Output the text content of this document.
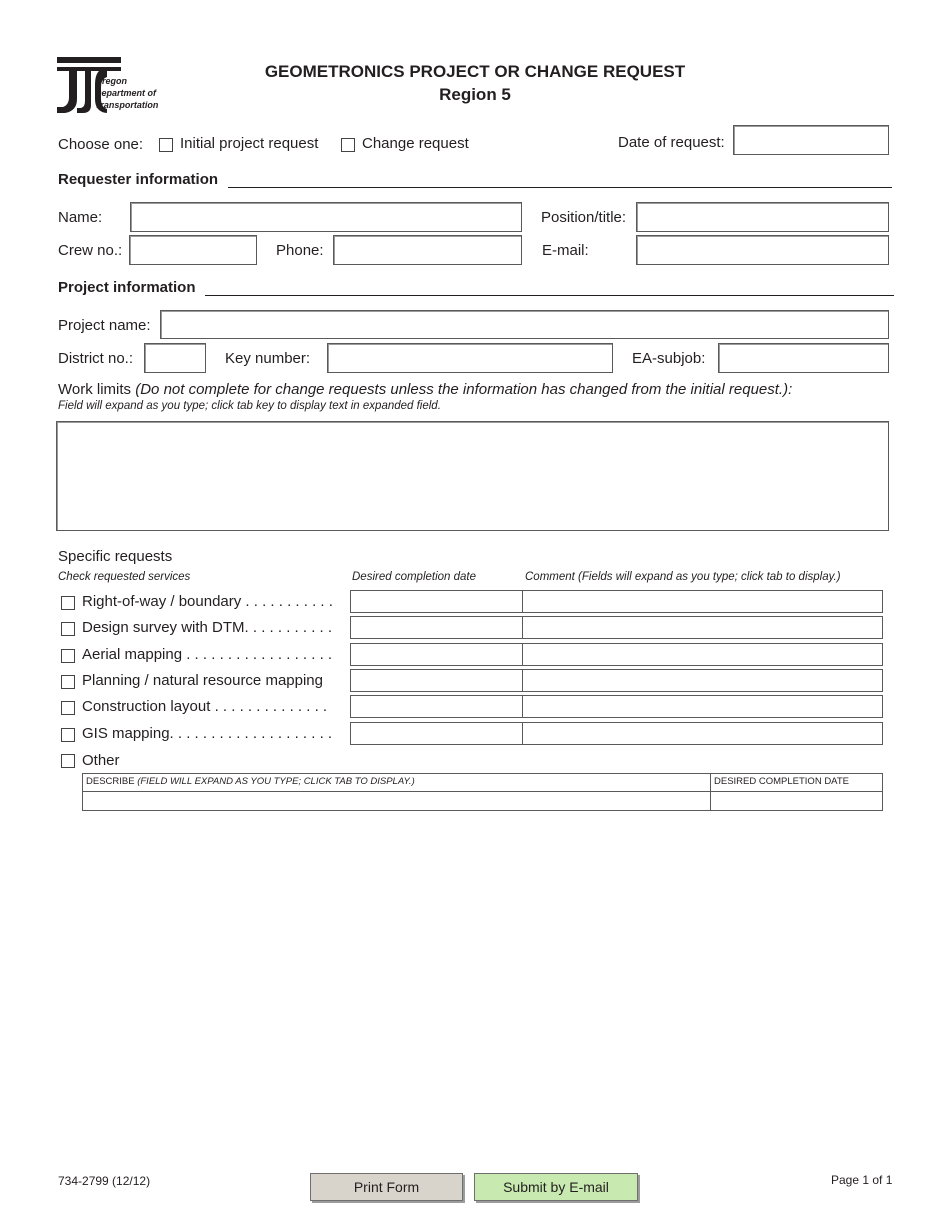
Oregon
Department of
Transportation
GEOMETRONICS PROJECT OR CHANGE REQUEST
Region 5
Choose one: Initial project request	Change request	Date of request:
Requester information
Name:	Position/title:
Crew no.:	Phone:	E-mail:
Project information
Project name:
District no.:	Key number:	EA-subjob:
Work limits (Do not complete for change requests unless the information has changed from the initial request.):
Field will expand as you type; click tab key to display text in expanded field.
Specific requests
Check requested services	Desired completion date	Comment (Fields will expand as you type; click tab to display.)
Right-of-way / boundary . . . . . . . . . . .
Design survey with DTM. . . . . . . . . . .
Aerial mapping . . . . . . . . . . . . . . . . . .
Planning / natural resource mapping
Construction layout . . . . . . . . . . . . . .
GIS mapping. . . . . . . . . . . . . . . . . . . .
Other
DESCRIBE (FIELD WILL EXPAND AS YOU TYPE; CLICK TAB TO DISPLAY.)	DESIRED COMPLETION DATE
734-2799 (12/12)	Print Form	Submit by E-mail	Page 1 of 1
